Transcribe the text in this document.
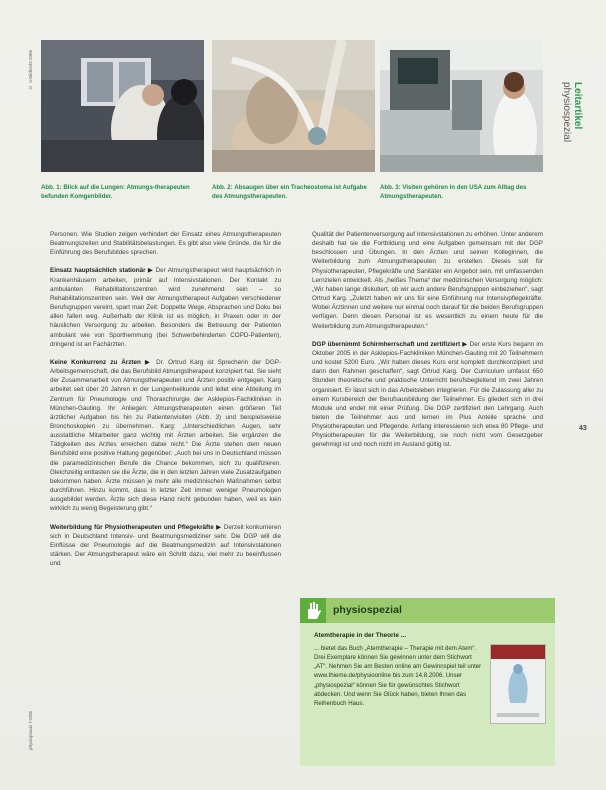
© ©Bildrecht 2006
Abb. 1: Blick auf die Lungen: Atmungs-therapeuten befunden Komgenbilder.
Abb. 2: Absaugen über ein Tracheostoma ist Aufgabe des Atmungstherapeuten.
Abb. 3: Visiten gehören in den USA zum Alltag des Atmungstherapeuten.
Leitartikel physiospezial
43

Personen. Wie Studien zeigen verhindert der Einsatz eines Atmungstherapeuten Beatmungszeiten und Stabilitätsbelastungen. Es gibt also viele Gründe, die für die Einführung des Berufsbildes sprechen.

Einsatz hauptsächlich stationär ▶ Der Atmungstherapeut wird hauptsächlich in Krankenhäusern arbeiten, primär auf Intensivstationen. Der Kontakt zu ambulanten Rehabilitationszentren wird zunehmend sein – so Rehabilitationszentren sein. Weil der Atmungstherapeut Aufgaben verschiedener Berufsgruppen vereint, spart man Zeit: Doppelte Wege, Absprachen und Doku bei allen fallen weg. Außerhalb der Klinik ist es möglich, in Praxen oder in der häuslichen Versorgung zu arbeiten. Besonders die Betreuung der Patienten ambulant wie von Sporthemmung (bei Schwerbehinderten COPD-Patienten), dringend ist an Fachärzten.

Keine Konkurrenz zu Ärzten ▶ Dr. Ortrud Karg ist Sprecherin der DGP-Arbeitsgemeinschaft, die das Berufsbild Atmungstherapeut konzipiert hat. Sie sieht der Zusammenarbeit von Atmungstherapeuten und Ärzten positiv entgegen. Karg arbeitet seit über 20 Jahren in der Lungenheilkunde und leitet eine Abteilung im Zentrum für Pneumologie und Thoraxchirurgie der Asklepios-Fachkliniken in München-Gauting. Ihr Anliegen: Atmungstherapeuten einen größeren Teil ärztlicher Aufgaben bis hin zu Patientenvisiten (Abb. 3) und beispielsweise Bronchoskopien zu übernehmen. Karg: „Unterschiedlichen Augen, sehr ausstattliche Mitarbeiter ganz wichtig mit Ärzten arbeiten. Sie ergänzen die Tätigkeiten des Arztes erreichen dabei nicht.“ Die Ärzte stehen dem neuen Berufsbild eine positive Haltung gegenüber: „Auch bei uns in Deutschland müssen die paramedizinischen Berufe die Chance bekommen, sich zu qualifizieren. Gleichzeitig entlasten sie die Ärzte, die in den letzten Jahren viele Zusatzaufgaben bekommen haben. Ärzte müssen je mehr alle medizinischen Maßnahmen selbst durchführen. Hinzu kommt, dass in letzter Zeit immer weniger Pneumologen ausgebildet werden. Ärzte sich diese Hand nicht gebunden haben, weil es kein wirklich zu wenig Begeisterung gibt.“

Weiterbildung für Physiotherapeuten und Pflegekräfte ▶ Derzeit konkurrieren sich in Deutschland Intensiv- und Beatmungsmediziner sehr. Die DGP will die Einflüsse der Pneumologie auf die Beatmungsmedizin auf Intensivstationen stärken. Der Atmungstherapeut wäre ein Schritt dazu, viel mehr zu beeinflussen und

Qualität der Patientenversorgung auf Intensivstationen zu erhöhen. Unter anderem deshalb hat sie die Fortbildung und eine Aufgaben gemeinsam mit der DGP beschlossen und Übungen. In den Ärzten und seinen Kolleginnen, die Weiterbildung zum Atmungstherapeuten zu erstellen. Dieses soll für Physiotherapeuten, Pflegekräfte und Sanitäter ein Angebot sein, mit umfassenden Lernzielen entwickelt. Als „heißes Thema“ der medizinischen Versorgung möglich: „Wir haben lange diskutiert, ob wir auch andere Berufsgruppen einbeziehen“, sagt Ortrud Karg. „Zuletzt haben wir uns für eine Einführung nur Intensivpflegekräfte. Wobei Ärztinnen und weitere nur einmal noch darauf für die beiden Berufsgruppen verfügen. Denn diesen Personal ist es wesentlich zu einem heute für die Weiterbildung zum Atmungstherapeuten.“

DGP übernimmt Schirmherrschaft und zertifiziert ▶ Der erste Kurs begann im Oktober 2005 in der Asklepios-Fachkliniken München-Gauting mit 20 Teilnehmern und kostet 5200 Euro. „Wir haben dieses Kurs erst komplett durchkonzipiert und dann den Rahmen geschaffen“, sagt Ortrud Karg. Der Curriculum umfasst 650 Stunden theoretische und praktische Unterricht berufsbegleitend im zwei Jahren organisiert. Er lässt sich in das Arbeitsleben integrieren. Für die Zulassung aller zu einem Kursbereich der Berufsausbildung der Teilnehmer. Es gliedert sich in drei Module und endet mit einer Prüfung. Die DGP zertifiziert den Lehrgang. Auch bieten die Teilnehmer aus und lernen im Plus Anteile sprache und Physiotherapeuten und Pflegende. Anfang interessieren sich etwa 80 Pflege- und Physiotherapeuten für die Weiterbildung, sie noch nicht vom Gesetzgeber genehmigt ist und noch nicht im Ausland gültig ist.

physiospezial
Atemtherapie in der Theorie ...
... bietet das Buch „Atemtherapie – Therapie mit dem Atem“. Drei Exemplare können Sie gewinnen unter dem Stichwort „AT“. Nehmen Sie am Besten online am Gewinnspiel teil unter www.thieme.de/physioonline bis zum 14.8.2006. Unser „physiospezial“ können Sie für gewünschtes Stichwort abdecken. Und wenn Sie Glück haben, bieten Ihnen das Reihenbuch Haus.
physiopraxis 7-8/06
